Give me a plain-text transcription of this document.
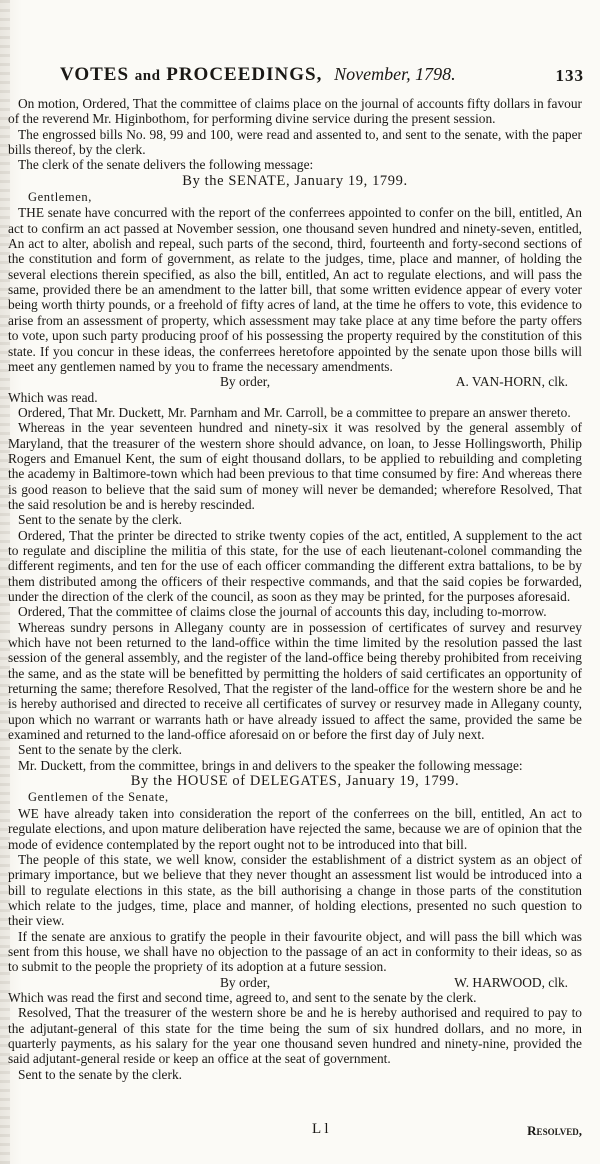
VOTES and PROCEEDINGS, November, 1798.	133

On motion, Ordered, That the committee of claims place on the journal of accounts fifty dollars in favour of the reverend Mr. Higinbothom, for performing divine service during the present session.

The engrossed bills No. 98, 99 and 100, were read and assented to, and sent to the senate, with the paper bills thereof, by the clerk.

The clerk of the senate delivers the following message:

By the SENATE, January 19, 1799.
Gentlemen,

THE senate have concurred with the report of the conferrees appointed to confer on the bill, entitled, An act to confirm an act passed at November session, one thousand seven hundred and ninety-seven, entitled, An act to alter, abolish and repeal, such parts of the second, third, fourteenth and forty-second sections of the constitution and form of government, as relate to the judges, time, place and manner, of holding the several elections therein specified, as also the bill, entitled, An act to regulate elections, and will pass the same, provided there be an amendment to the latter bill, that some written evidence appear of every voter being worth thirty pounds, or a freehold of fifty acres of land, at the time he offers to vote, this evidence to arise from an assessment of property, which assessment may take place at any time before the party offers to vote, upon such party producing proof of his possessing the property required by the constitution of this state. If you concur in these ideas, the conferrees heretofore appointed by the senate upon those bills will meet any gentlemen named by you to frame the necessary amendments.

By order,	A. VAN-HORN, clk.

Which was read.

Ordered, That Mr. Duckett, Mr. Parnham and Mr. Carroll, be a committee to prepare an answer thereto.

Whereas in the year seventeen hundred and ninety-six it was resolved by the general assembly of Maryland, that the treasurer of the western shore should advance, on loan, to Jesse Hollingsworth, Philip Rogers and Emanuel Kent, the sum of eight thousand dollars, to be applied to rebuilding and completing the academy in Baltimore-town which had been previous to that time consumed by fire: And whereas there is good reason to believe that the said sum of money will never be demanded; wherefore Resolved, That the said resolution be and is hereby rescinded.

Sent to the senate by the clerk.

Ordered, That the printer be directed to strike twenty copies of the act, entitled, A supplement to the act to regulate and discipline the militia of this state, for the use of each lieutenant-colonel commanding the different regiments, and ten for the use of each officer commanding the different extra battalions, to be by them distributed among the officers of their respective commands, and that the said copies be forwarded, under the direction of the clerk of the council, as soon as they may be printed, for the purposes aforesaid.

Ordered, That the committee of claims close the journal of accounts this day, including to-morrow.

Whereas sundry persons in Allegany county are in possession of certificates of survey and resurvey which have not been returned to the land-office within the time limited by the resolution passed the last session of the general assembly, and the register of the land-office being thereby prohibited from receiving the same, and as the state will be benefitted by permitting the holders of said certificates an opportunity of returning the same; therefore Resolved, That the register of the land-office for the western shore be and he is hereby authorised and directed to receive all certificates of survey or resurvey made in Allegany county, upon which no warrant or warrants hath or have already issued to affect the same, provided the same be examined and returned to the land-office aforesaid on or before the first day of July next.

Sent to the senate by the clerk.

Mr. Duckett, from the committee, brings in and delivers to the speaker the following message:

By the HOUSE of DELEGATES, January 19, 1799.
Gentlemen of the Senate,

WE have already taken into consideration the report of the conferrees on the bill, entitled, An act to regulate elections, and upon mature deliberation have rejected the same, because we are of opinion that the mode of evidence contemplated by the report ought not to be introduced into that bill.

The people of this state, we well know, consider the establishment of a district system as an object of primary importance, but we believe that they never thought an assessment list would be introduced into a bill to regulate elections in this state, as the bill authorising a change in those parts of the constitution which relate to the judges, time, place and manner, of holding elections, presented no such question to their view.

If the senate are anxious to gratify the people in their favourite object, and will pass the bill which was sent from this house, we shall have no objection to the passage of an act in conformity to their ideas, so as to submit to the people the propriety of its adoption at a future session.

By order,	W. HARWOOD, clk.

Which was read the first and second time, agreed to, and sent to the senate by the clerk.

Resolved, That the treasurer of the western shore be and he is hereby authorised and required to pay to the adjutant-general of this state for the time being the sum of six hundred dollars, and no more, in quarterly payments, as his salary for the year one thousand seven hundred and ninety-nine, provided the said adjutant-general reside or keep an office at the seat of government.

Sent to the senate by the clerk.

L l	Resolved,
